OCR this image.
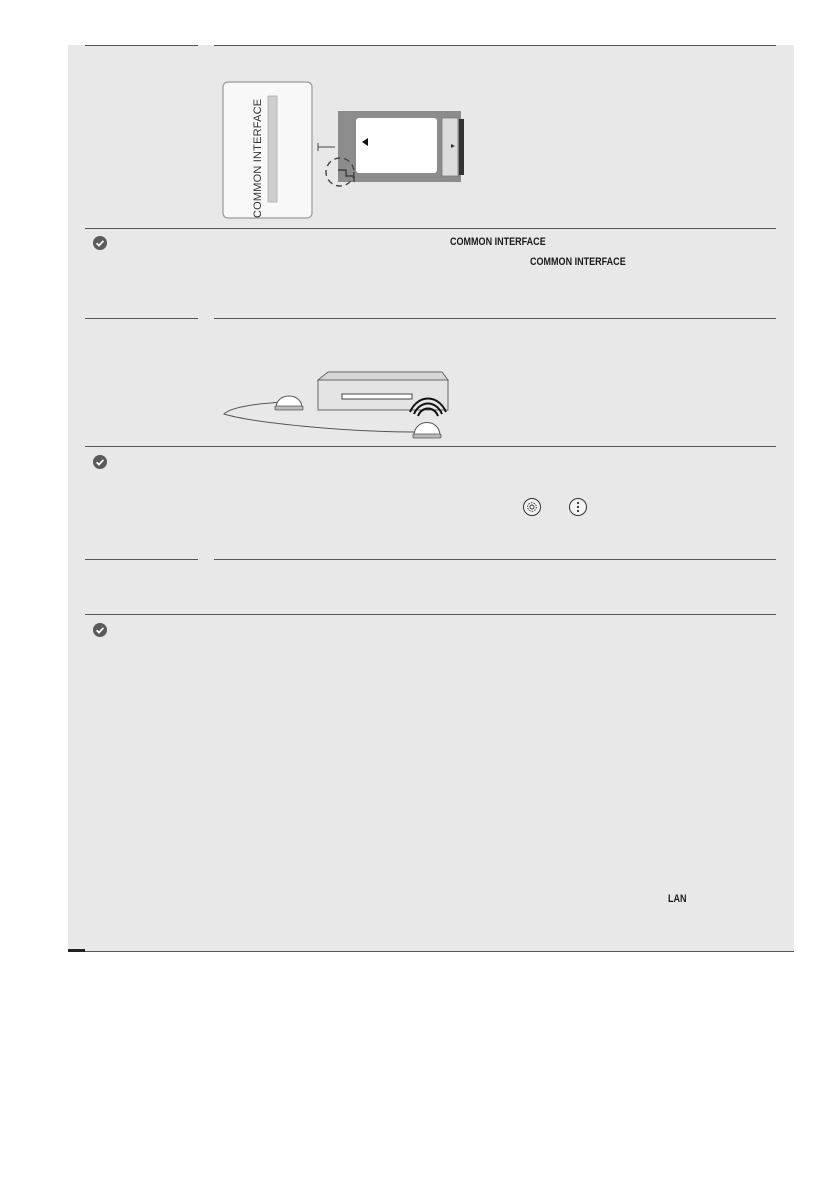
COMMON INTERFACE
COMMON INTERFACE
COMMON INTERFACE
LAN
